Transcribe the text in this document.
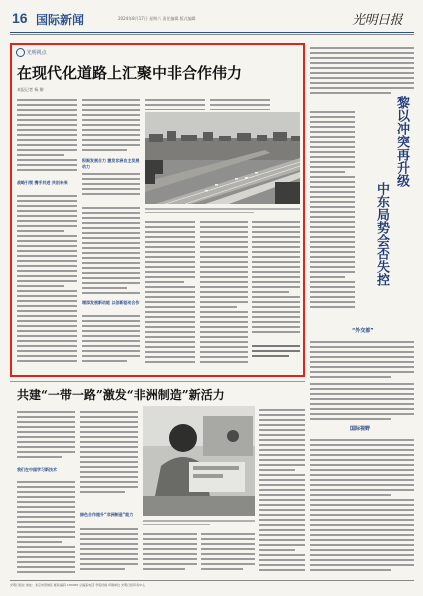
16 国际新闻	2024年8月17日 星期六 责任编辑 版式编辑	光明日报
光明视点
在现代化道路上汇聚中非合作伟力
本报记者 杨 柳
战略引领 携手共进 共创未来
积聚发展合力 激发非洲自主发展动力
增添发展新动能 以创新驱动合作
黎以冲突再升级
中东局势会否失控
“外交部”
共建“一带一路”激发“非洲制造”新活力
我们在中国学习新技术
绿色合作提升“非洲制造”能力
国际视野
光明日报社 地址：北京市西城区 邮政编码 100050 总编室电话 零售价格 印刷单位 光明日报印务中心
